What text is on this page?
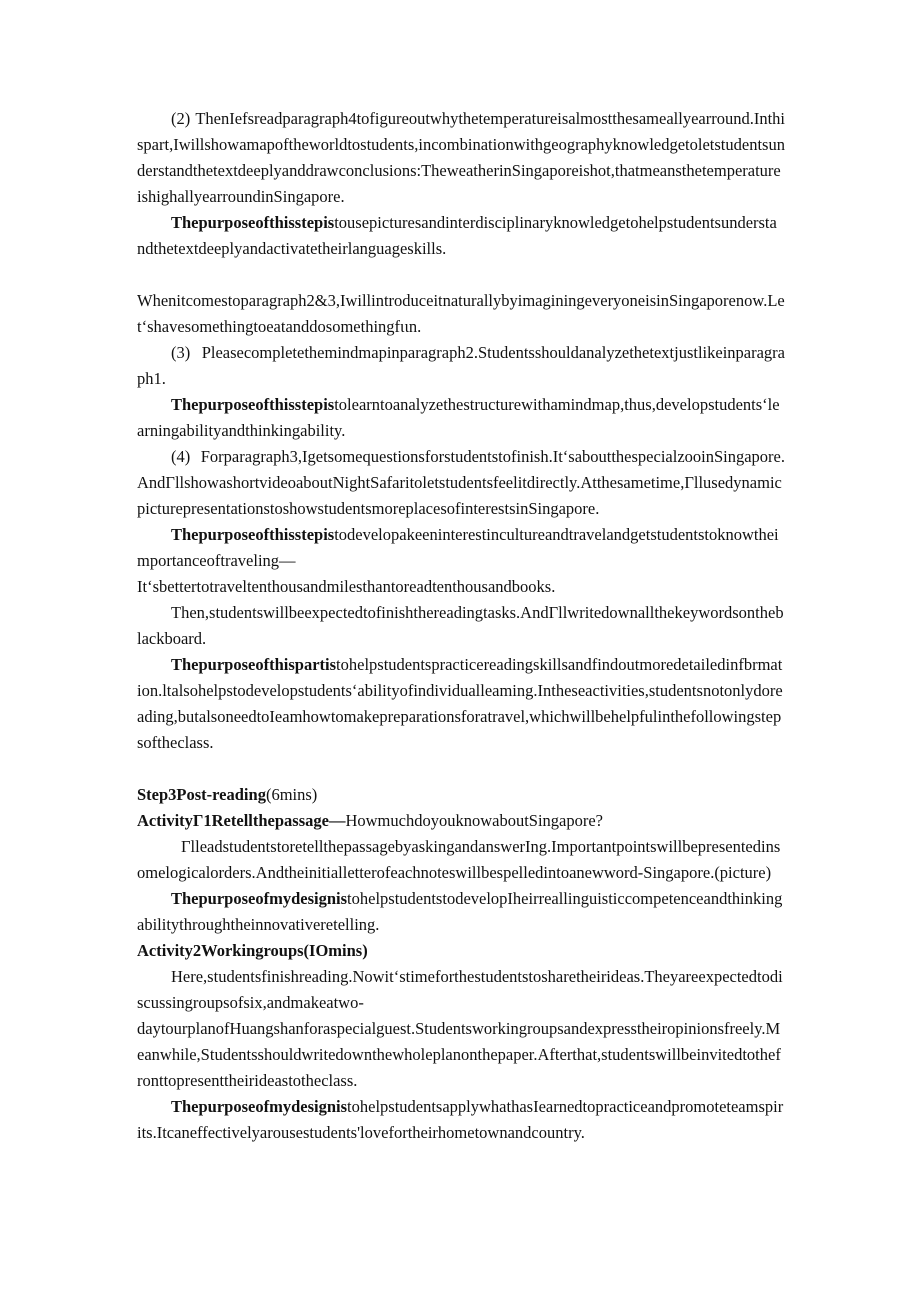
(2) ThenIefsreadparagraph4tofigureoutwhythetemperatureisalmostthesameallyearround.Inthispart,Iwillshowamapoftheworldtostudents,incombinationwithgeographyknowledgetoletstudentsunderstandthetextdeeplyanddrawconclusions:TheweatherinSingaporeishot,thatmeansthetemperatureishighallyearroundinSingapore.

Thepurposeofthisstepistousepicturesandinterdisciplinaryknowledgetohelpstudentsunderstandthetextdeeplyandactivatetheirlanguageskills.

Whenitcomestoparagraph2&3,IwillintroduceitnaturallybyimaginingeveryoneisinSingaporenow.Let‘shavesomethingtoeatanddosomethingfιιn.

(3) Pleasecompletethemindmapinparagraph2.Studentsshouldanalyzethetextjustlikeinparagraph1.

Thepurposeofthisstepistolearntoanalyzethestructurewithamindmap,thus,developstudents‘learningabilityandthinkingability.

(4) Forparagraph3,Igetsomequestionsforstudentstofinish.It‘saboutthespecialzooinSingapore.AndΓllshowashortvideoaboutNightSafaritoletstudentsfeelitdirectly.Atthesametime,ΓllusedynamicpicturepresentationstoshowstudentsmoreplacesofinterestsinSingapore.

Thepurposeofthisstepistodevelopakeeninterestincultureandtravelandgetstudentstoknowtheimportanceoftraveling—

It‘sbettertotraveltenthousandmilesthantoreadtenthousandbooks.

Then,studentswillbeexpectedtofinishthereadingtasks.AndΓllwritedownallthekeywordsontheblackboard.

Thepurposeofthispartistohelpstudentspracticereadingskillsandfindoutmoredetailedinfbrmation.ltalsohelpstodevelopstudents‘abilityofindividualleaming.Intheseactivities,studentsnotonlydoreading,butalsoneedtoIeamhowtomakepreparationsforatravel,whichwillbehelpfulinthefollowingstepsoftheclass.

Step3Post-reading(6mins)

ActivityΓ1Retellthepassage—HowmuchdoyouknowaboutSingapore?

ΓlleadstudentstoretellthepassagebyaskingandanswerIng.Importantpointswillbepresentedinsomelogicalorders.Andtheinitialletterofeachnoteswillbespelledintoanewword-Singapore.(picture)

ThepurposeofmydesignistohelpstudentstodevelopIheirreallinguisticcompetenceandthinkingabilitythroughtheinnovativeretelling.

Activity2Workingroups(IOmins)

Here,studentsfinishreading.Nowit‘stimeforthestudentstosharetheirideas.Theyareexpectedtodiscussingroupsofsix,andmakeatwo-

daytourplanofHuangshanforaspecialguest.Studentsworkingroupsandexpresstheiropinionsfreely.Meanwhile,Studentsshouldwritedownthewholeplanonthepaper.Afterthat,studentswillbeinvitedtothefronttopresenttheirideastotheclass.

ThepurposeofmydesignistohelpstudentsapplywhathasIearnedtopracticeandpromoteteamspirits.Itcaneffectivelyarousestudents'lovefortheirhometownandcountry.
